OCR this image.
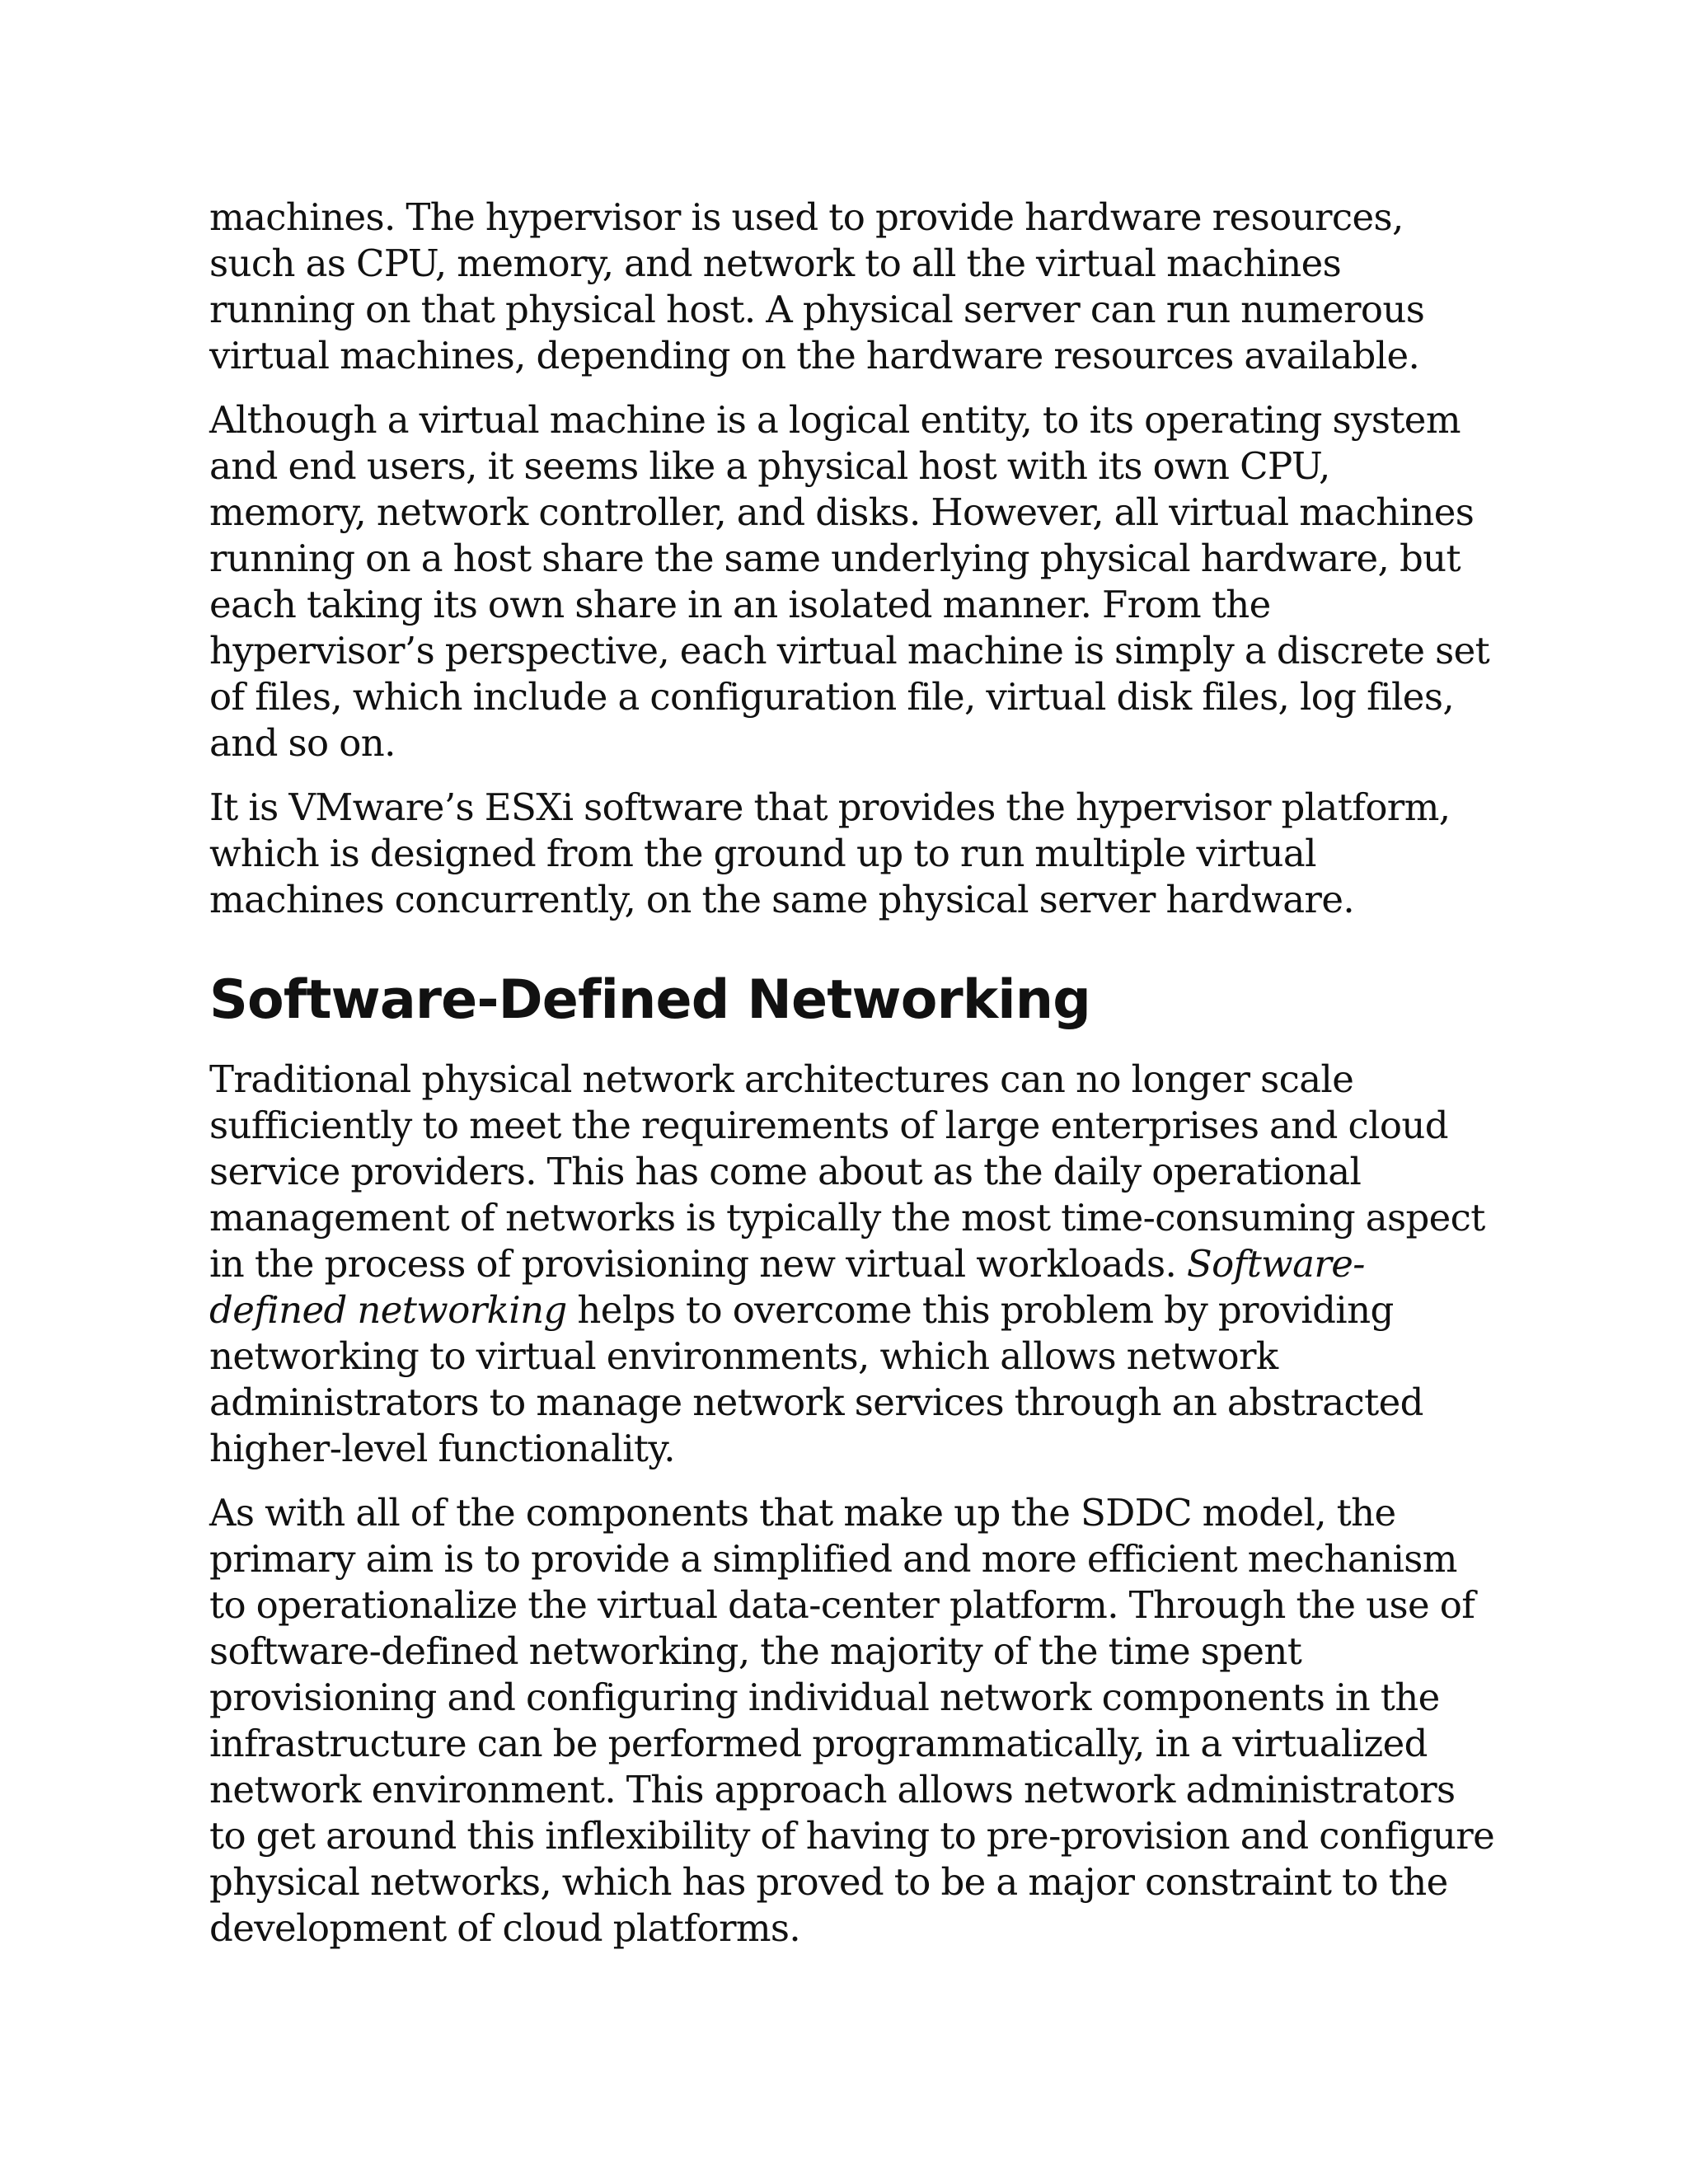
machines. The hypervisor is used to provide hardware resources, such as CPU, memory, and network to all the virtual machines running on that physical host. A physical server can run numerous virtual machines, depending on the hardware resources available.

Although a virtual machine is a logical entity, to its operating system and end users, it seems like a physical host with its own CPU, memory, network controller, and disks. However, all virtual machines running on a host share the same underlying physical hardware, but each taking its own share in an isolated manner. From the hypervisor’s perspective, each virtual machine is simply a discrete set of files, which include a configuration file, virtual disk files, log files, and so on.

It is VMware’s ESXi software that provides the hypervisor platform, which is designed from the ground up to run multiple virtual machines concurrently, on the same physical server hardware.

Software-Defined Networking

Traditional physical network architectures can no longer scale sufficiently to meet the requirements of large enterprises and cloud service providers. This has come about as the daily operational management of networks is typically the most time-consuming aspect in the process of provisioning new virtual workloads. Software-defined networking helps to overcome this problem by providing networking to virtual environments, which allows network administrators to manage network services through an abstracted higher-level functionality.

As with all of the components that make up the SDDC model, the primary aim is to provide a simplified and more efficient mechanism to operationalize the virtual data-center platform. Through the use of software-defined networking, the majority of the time spent provisioning and configuring individual network components in the infrastructure can be performed programmatically, in a virtualized network environment. This approach allows network administrators to get around this inflexibility of having to pre-provision and configure physical networks, which has proved to be a major constraint to the development of cloud platforms.
